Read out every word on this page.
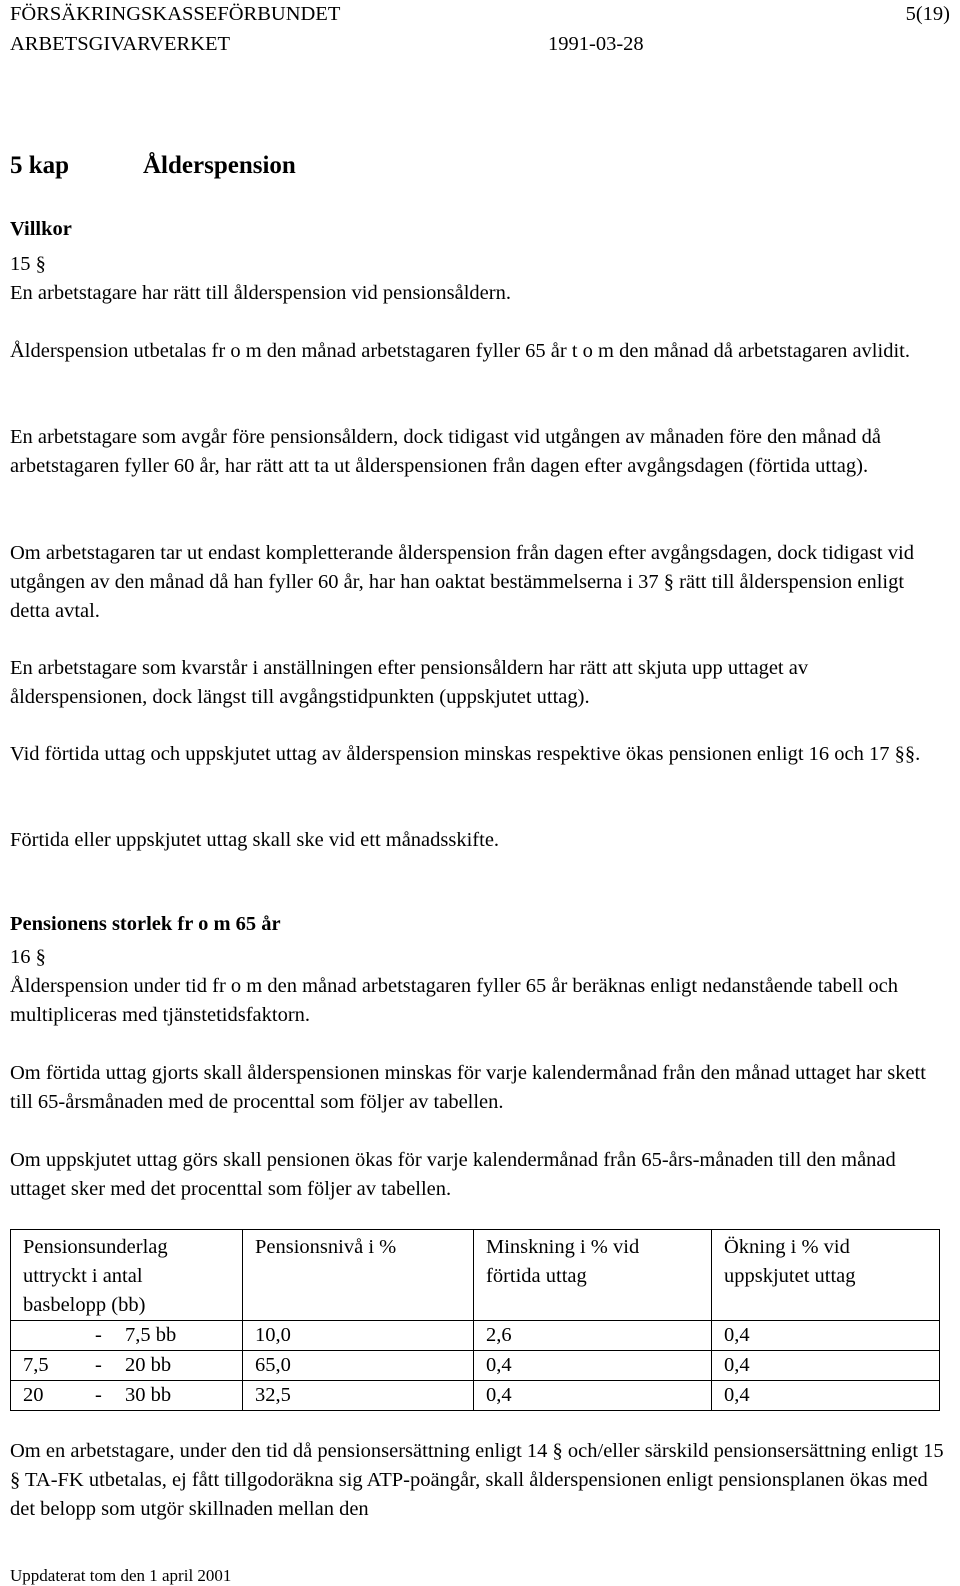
FÖRSÄKRINGSKASSEFÖRBUNDET	5(19)
ARBETSGIVARVERKET	1991-03-28
5 kap	Ålderspension
Villkor
15 §

En arbetstagare har rätt till ålderspension vid pensionsåldern.

Ålderspension utbetalas fr o m den månad arbetstagaren fyller 65 år t o m den månad då arbetstagaren avlidit.

En arbetstagare som avgår före pensionsåldern, dock tidigast vid utgången av månaden före den månad då arbetstagaren fyller 60 år, har rätt att ta ut ålderspensionen från dagen efter avgångsdagen (förtida uttag).

Om arbetstagaren tar ut endast kompletterande ålderspension från dagen efter avgångsdagen, dock tidigast vid utgången av den månad då han fyller 60 år, har han oaktat bestämmelserna i 37 § rätt till ålderspension enligt detta avtal.

En arbetstagare som kvarstår i anställningen efter pensionsåldern har rätt att skjuta upp uttaget av ålderspensionen, dock längst till avgångstidpunkten (uppskjutet uttag).

Vid förtida uttag och uppskjutet uttag av ålderspension minskas respektive ökas pensionen enligt 16 och 17 §§.

Förtida eller uppskjutet uttag skall ske vid ett månadsskifte.

Pensionens storlek fr o m 65 år
16 §

Ålderspension under tid fr o m den månad arbetstagaren fyller 65 år beräknas enligt nedanstående tabell och multipliceras med tjänstetidsfaktorn.

Om förtida uttag gjorts skall ålderspensionen minskas för varje kalendermånad från den månad uttaget har skett till 65-årsmånaden med de procenttal som följer av tabellen.

Om uppskjutet uttag görs skall pensionen ökas för varje kalendermånad från 65-års-månaden till den månad uttaget sker med det procenttal som följer av tabellen.

Pensionsunderlag uttryckt i antal basbelopp (bb)	Pensionsnivå i %	Minskning i % vid förtida uttag	Ökning i % vid uppskjutet uttag
- 7,5 bb	10,0	2,6	0,4
7,5 - 20 bb	65,0	0,4	0,4
20 - 30 bb	32,5	0,4	0,4

Om en arbetstagare, under den tid då pensionsersättning enligt 14 § och/eller särskild pensionsersättning enligt 15 § TA-FK utbetalas, ej fått tillgodoräkna sig ATP-poängår, skall ålderspensionen enligt pensionsplanen ökas med det belopp som utgör skillnaden mellan den

Uppdaterat tom den 1 april 2001
